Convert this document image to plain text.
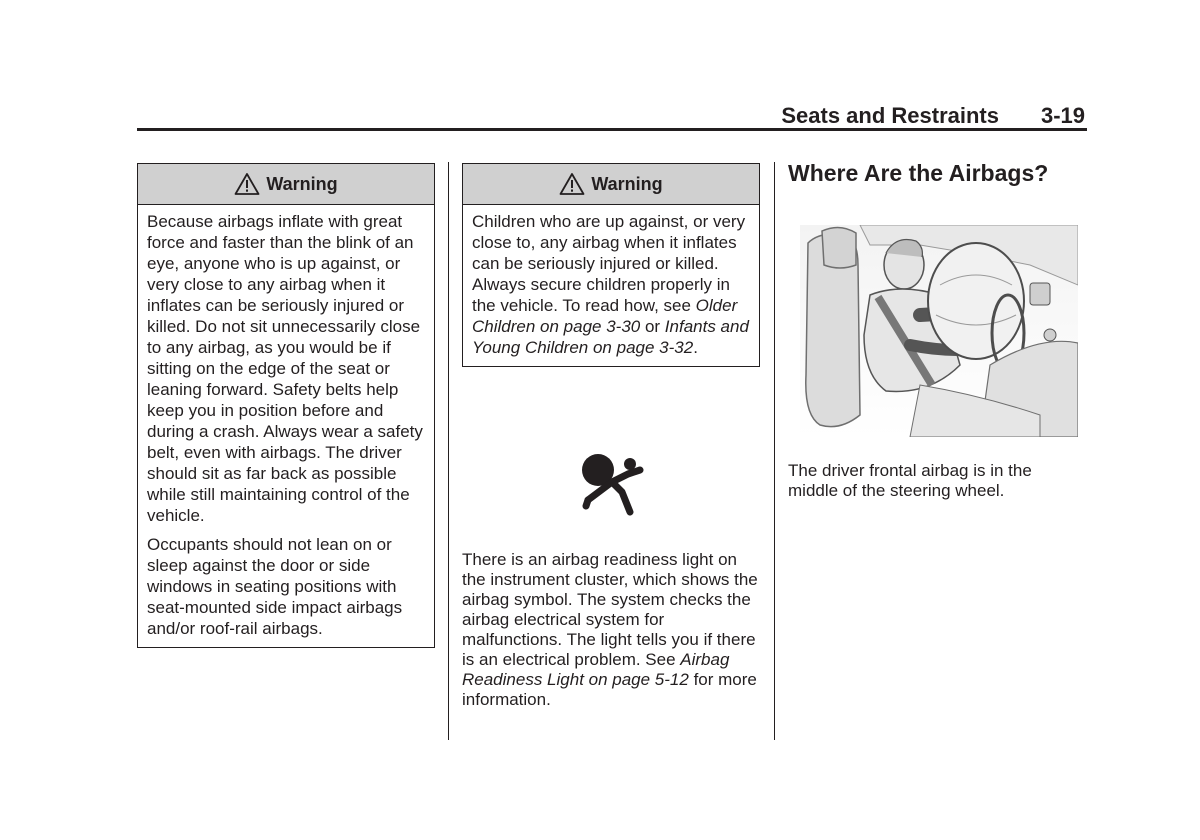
Seats and Restraints 3-19
Warning

Because airbags inflate with great force and faster than the blink of an eye, anyone who is up against, or very close to any airbag when it inflates can be seriously injured or killed. Do not sit unnecessarily close to any airbag, as you would be if sitting on the edge of the seat or leaning forward. Safety belts help keep you in position before and during a crash. Always wear a safety belt, even with airbags. The driver should sit as far back as possible while still maintaining control of the vehicle.

Occupants should not lean on or sleep against the door or side windows in seating positions with seat-mounted side impact airbags and/or roof-rail airbags.

Warning

Children who are up against, or very close to, any airbag when it inflates can be seriously injured or killed. Always secure children properly in the vehicle. To read how, see Older Children on page 3-30 or Infants and Young Children on page 3-32.

There is an airbag readiness light on the instrument cluster, which shows the airbag symbol. The system checks the airbag electrical system for malfunctions. The light tells you if there is an electrical problem. See Airbag Readiness Light on page 5-12 for more information.

Where Are the Airbags?

The driver frontal airbag is in the middle of the steering wheel.
